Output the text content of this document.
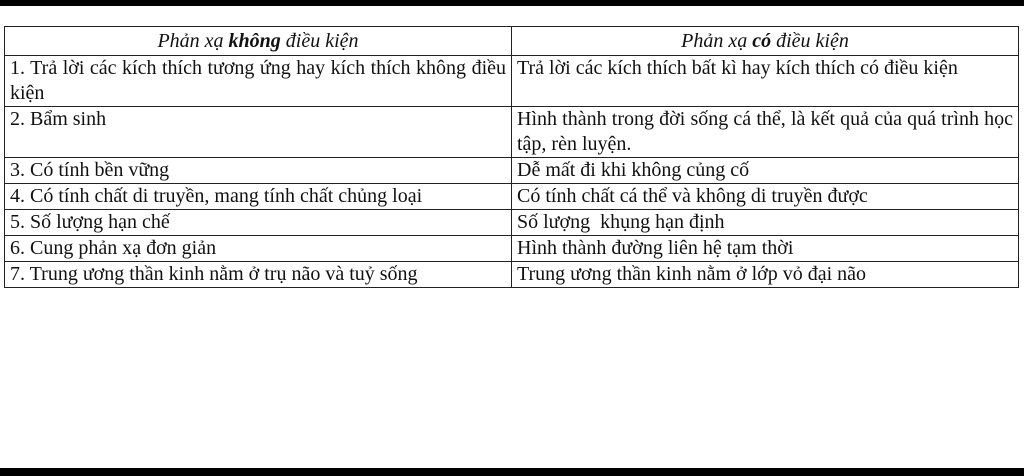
Phản xạ không điều kiện	Phản xạ có điều kiện
1. Trả lời các kích thích tương ứng hay kích thích không điều kiện	Trả lời các kích thích bất kì hay kích thích có điều kiện
2. Bẩm sinh	Hình thành trong đời sống cá thể, là kết quả của quá trình học tập, rèn luyện.
3. Có tính bền vững	Dễ mất đi khi không củng cố
4. Có tính chất di truyền, mang tính chất chủng loại	Có tính chất cá thể và không di truyền được
5. Số lượng hạn chế	Số lượng  khụng hạn định
6. Cung phản xạ đơn giản	Hình thành đường liên hệ tạm thời
7. Trung ương thần kinh nằm ở trụ não và tuỷ sống	Trung ương thần kinh nằm ở lớp vỏ đại não
